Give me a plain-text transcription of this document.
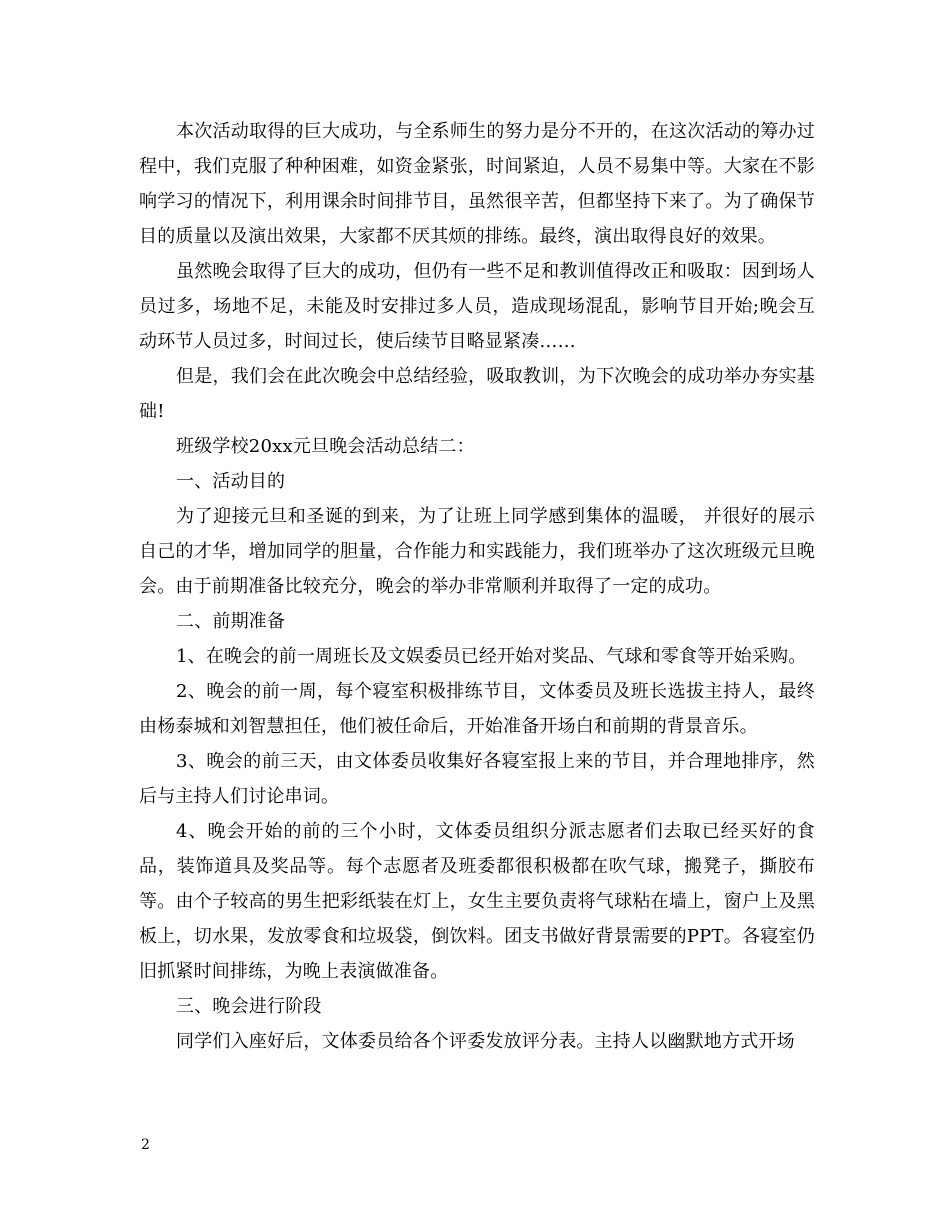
本次活动取得的巨大成功，与全系师生的努力是分不开的，在这次活动的筹办过程中，我们克服了种种困难，如资金紧张，时间紧迫，人员不易集中等。大家在不影响学习的情况下，利用课余时间排节目，虽然很辛苦，但都坚持下来了。为了确保节目的质量以及演出效果，大家都不厌其烦的排练。最终，演出取得良好的效果。

虽然晚会取得了巨大的成功，但仍有一些不足和教训值得改正和吸取：因到场人员过多，场地不足，未能及时安排过多人员，造成现场混乱，影响节目开始;晚会互动环节人员过多，时间过长，使后续节目略显紧凑……

但是，我们会在此次晚会中总结经验，吸取教训，为下次晚会的成功举办夯实基础!

班级学校20xx元旦晚会活动总结二：

一、活动目的

为了迎接元旦和圣诞的到来，为了让班上同学感到集体的温暖， 并很好的展示自己的才华，增加同学的胆量，合作能力和实践能力，我们班举办了这次班级元旦晚会。由于前期准备比较充分，晚会的举办非常顺利并取得了一定的成功。

二、前期准备

1、在晚会的前一周班长及文娱委员已经开始对奖品、气球和零食等开始采购。

2、晚会的前一周，每个寝室积极排练节目，文体委员及班长选拔主持人，最终由杨泰城和刘智慧担任，他们被任命后，开始准备开场白和前期的背景音乐。

3、晚会的前三天，由文体委员收集好各寝室报上来的节目，并合理地排序，然后与主持人们讨论串词。

4、晚会开始的前的三个小时，文体委员组织分派志愿者们去取已经买好的食品，装饰道具及奖品等。每个志愿者及班委都很积极都在吹气球，搬凳子，撕胶布等。由个子较高的男生把彩纸装在灯上，女生主要负责将气球粘在墙上，窗户上及黑板上，切水果，发放零食和垃圾袋，倒饮料。团支书做好背景需要的PPT。各寝室仍旧抓紧时间排练，为晚上表演做准备。

三、晚会进行阶段

同学们入座好后，文体委员给各个评委发放评分表。主持人以幽默地方式开场

2
